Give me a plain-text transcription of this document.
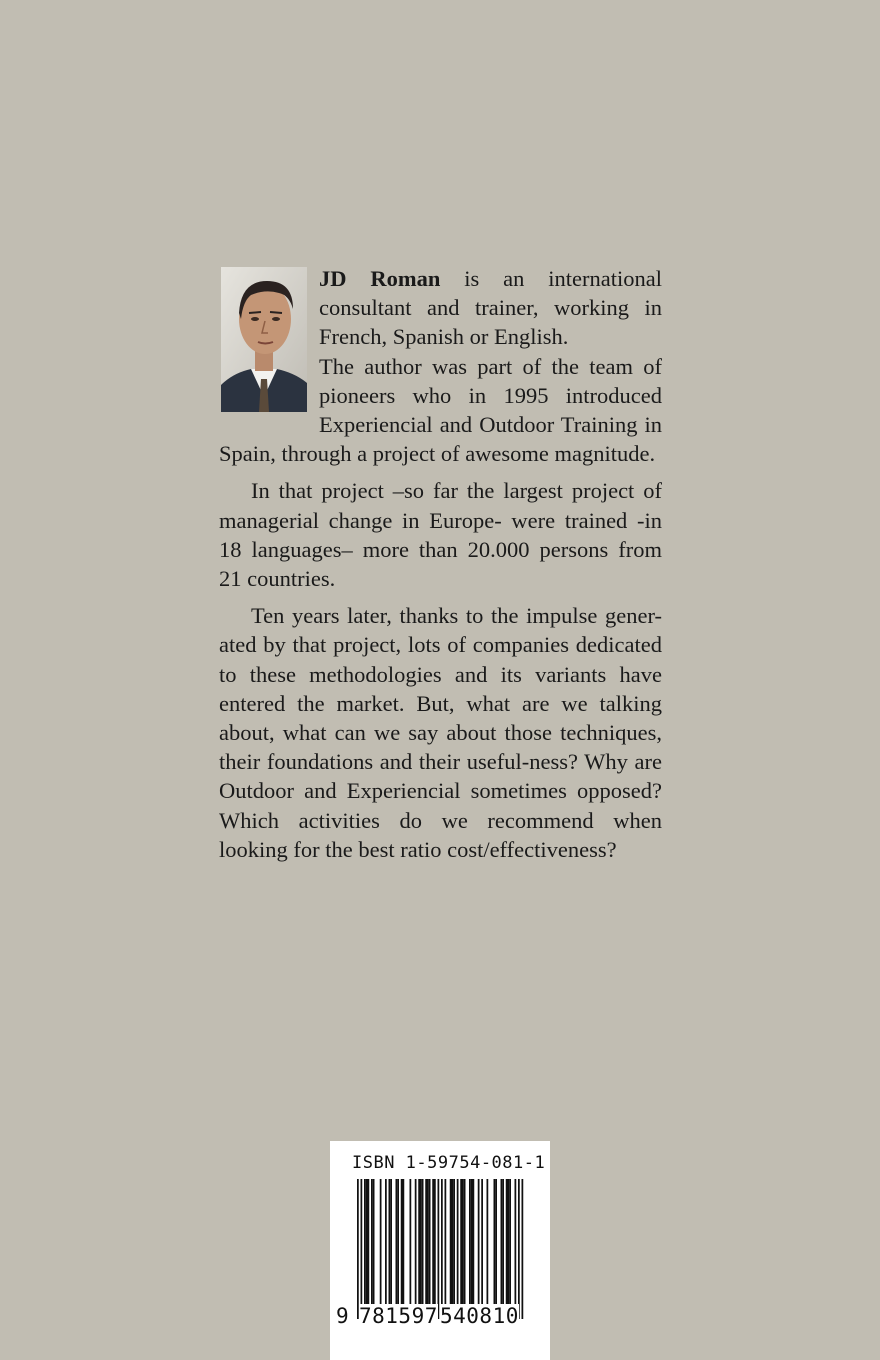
JD Roman is an international consultant and trainer, working in French, Spanish or English.

The author was part of the team of pioneers who in 1995 introduced Experiencial and Outdoor Training in Spain, through a project of awesome magnitude.

In that project –so far the largest project of managerial change in Europe- were trained -in 18 languages– more than 20.000 persons from 21 countries.

Ten years later, thanks to the impulse gener- ated by that project, lots of companies dedicated to these methodologies and its variants have entered the market. But, what are we talking about, what can we say about those techniques, their foundations and their useful-ness? Why are Outdoor and Experiencial sometimes opposed? Which activities do we recommend when looking for the best ratio cost/effectiveness?

ISBN 1-59754-081-1
9 781597 540810
